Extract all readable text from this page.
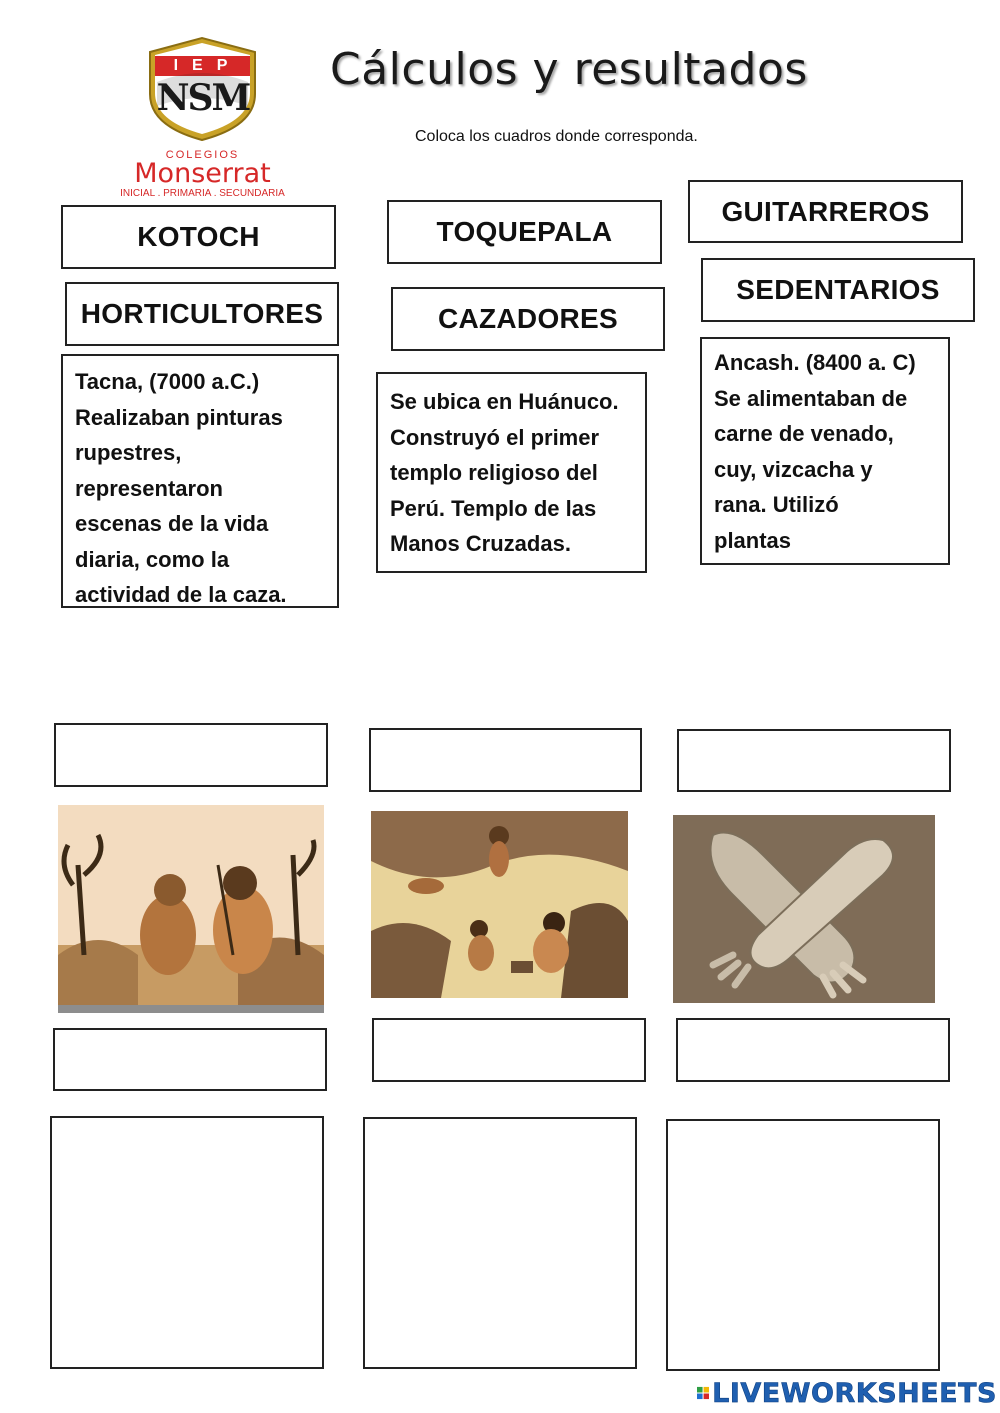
IEP
NSM
COLEGIOS
Monserrat
INICIAL . PRIMARIA . SECUNDARIA
Cálculos y resultados
Coloca los cuadros donde corresponda.
KOTOCH	TOQUEPALA
GUITARREROS
HORTICULTORES	CAZADORES
SEDENTARIOS
Tacna, (7000 a.C.)
Realizaban pinturas
rupestres,
representaron
escenas de la vida
diaria, como la
actividad de la caza.
Se ubica en Huánuco.
Construyó el primer
templo religioso del
Perú. Templo de las
Manos Cruzadas.
Ancash. (8400 a. C)
Se alimentaban de
carne de venado,
cuy, vizcacha y
rana. Utilizó
plantas
LIVEWORKSHEETS
